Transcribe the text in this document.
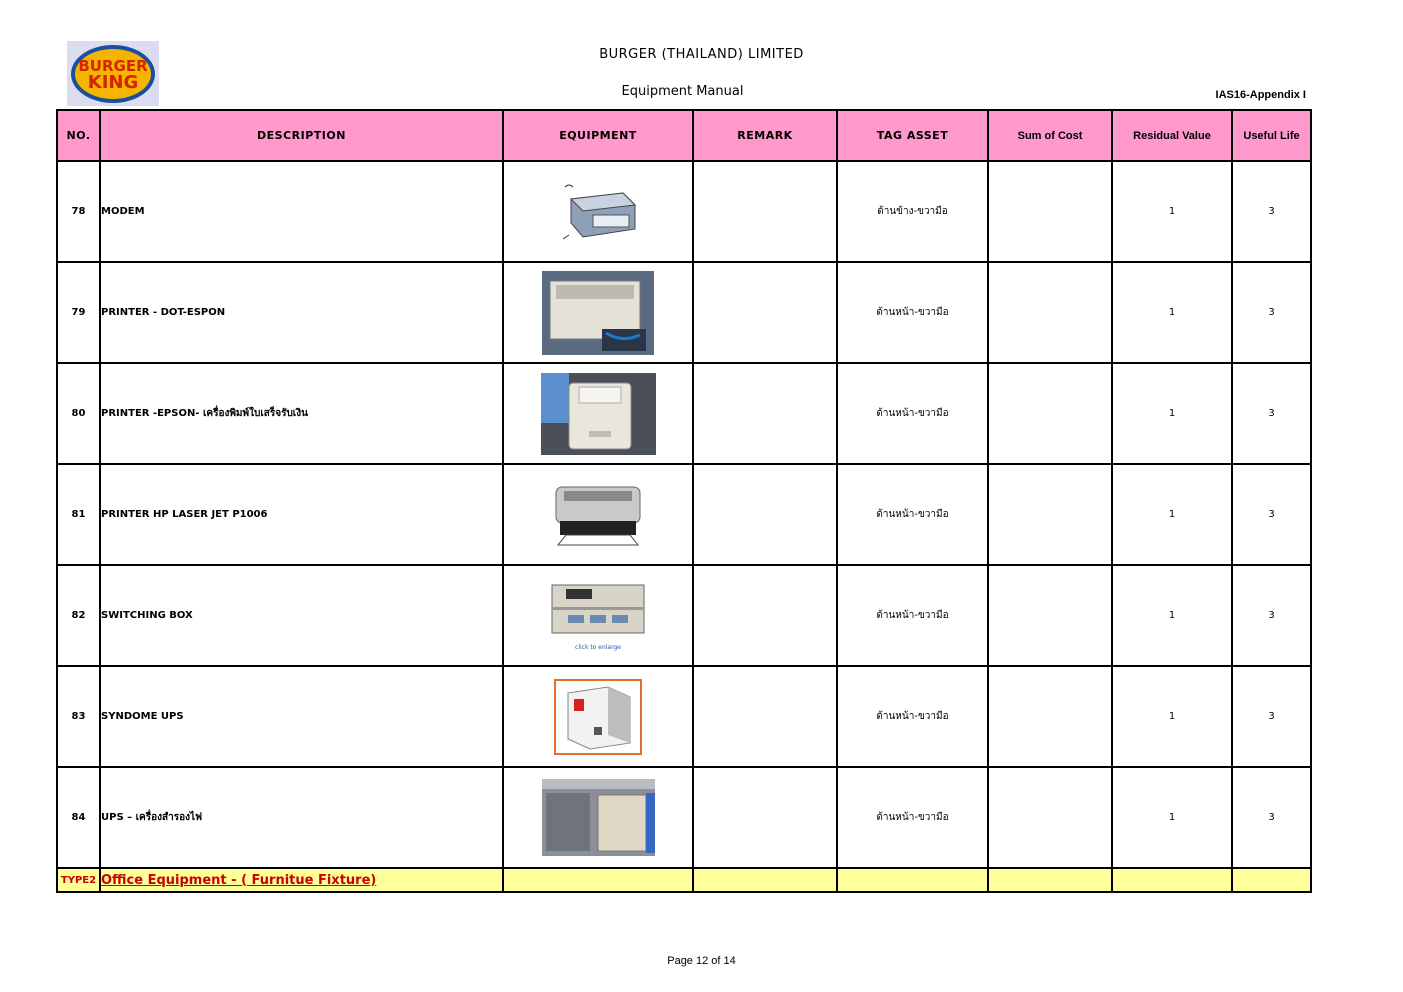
BURGER
KING
BURGER (THAILAND) LIMITED
Equipment Manual	IAS16-Appendix I
NO.	DESCRIPTION	EQUIPMENT	REMARK	TAG ASSET	Sum of Cost	Residual Value	Useful Life
78	MODEM			ด้านข้าง-ขวามือ		1	3
79	PRINTER - DOT-ESPON			ด้านหน้า-ขวามือ		1	3
80	PRINTER -EPSON- เครื่องพิมพ์ใบเสร็จรับเงิน			ด้านหน้า-ขวามือ		1	3
81	PRINTER HP LASER JET P1006			ด้านหน้า-ขวามือ		1	3
82	SWITCHING BOX	click to enlarge		ด้านหน้า-ขวามือ		1	3
83	SYNDOME UPS			ด้านหน้า-ขวามือ		1	3
84	UPS – เครื่องสำรองไฟ			ด้านหน้า-ขวามือ		1	3
TYPE2	Office Equipment - ( Furnitue Fixture)						
Page 12 of 14
